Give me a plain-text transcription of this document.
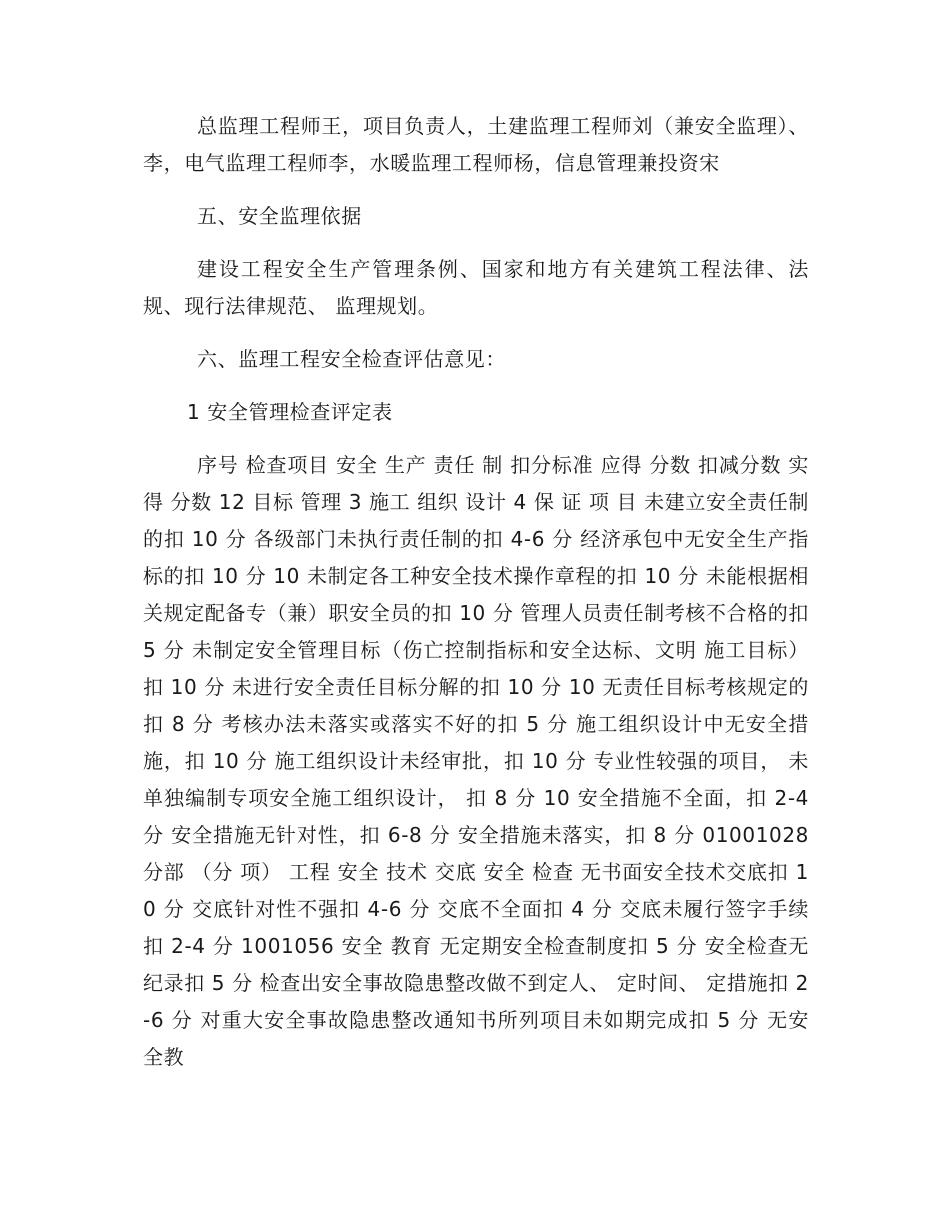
总监理工程师王，项目负责人，土建监理工程师刘（兼安全监理）、李，电气监理工程师李，水暖监理工程师杨，信息管理兼投资宋

五、安全监理依据

建设工程安全生产管理条例、国家和地方有关建筑工程法律、法规、现行法律规范、 监理规划。

六、监理工程安全检查评估意见：

1 安全管理检查评定表

序号 检查项目 安全 生产 责任 制 扣分标准 应得 分数 扣减分数 实得 分数 12 目标 管理 3 施工 组织 设计 4 保 证 项 目 未建立安全责任制的扣 10 分 各级部门未执行责任制的扣 4-6 分 经济承包中无安全生产指标的扣 10 分 10 未制定各工种安全技术操作章程的扣 10 分 未能根据相关规定配备专（兼）职安全员的扣 10 分 管理人员责任制考核不合格的扣 5 分 未制定安全管理目标（伤亡控制指标和安全达标、文明 施工目标）扣 10 分 未进行安全责任目标分解的扣 10 分 10 无责任目标考核规定的扣 8 分 考核办法未落实或落实不好的扣 5 分 施工组织设计中无安全措施，扣 10 分 施工组织设计未经审批，扣 10 分 专业性较强的项目， 未单独编制专项安全施工组织设计， 扣 8 分 10 安全措施不全面，扣 2-4 分 安全措施无针对性，扣 6-8 分 安全措施未落实，扣 8 分 01001028 分部 （分 项） 工程 安全 技术 交底 安全 检查 无书面安全技术交底扣 10 分 交底针对性不强扣 4-6 分 交底不全面扣 4 分 交底未履行签字手续扣 2-4 分 1001056 安全 教育 无定期安全检查制度扣 5 分 安全检查无纪录扣 5 分 检查出安全事故隐患整改做不到定人、 定时间、 定措施扣 2-6 分 对重大安全事故隐患整改通知书所列项目未如期完成扣 5 分 无安全教
